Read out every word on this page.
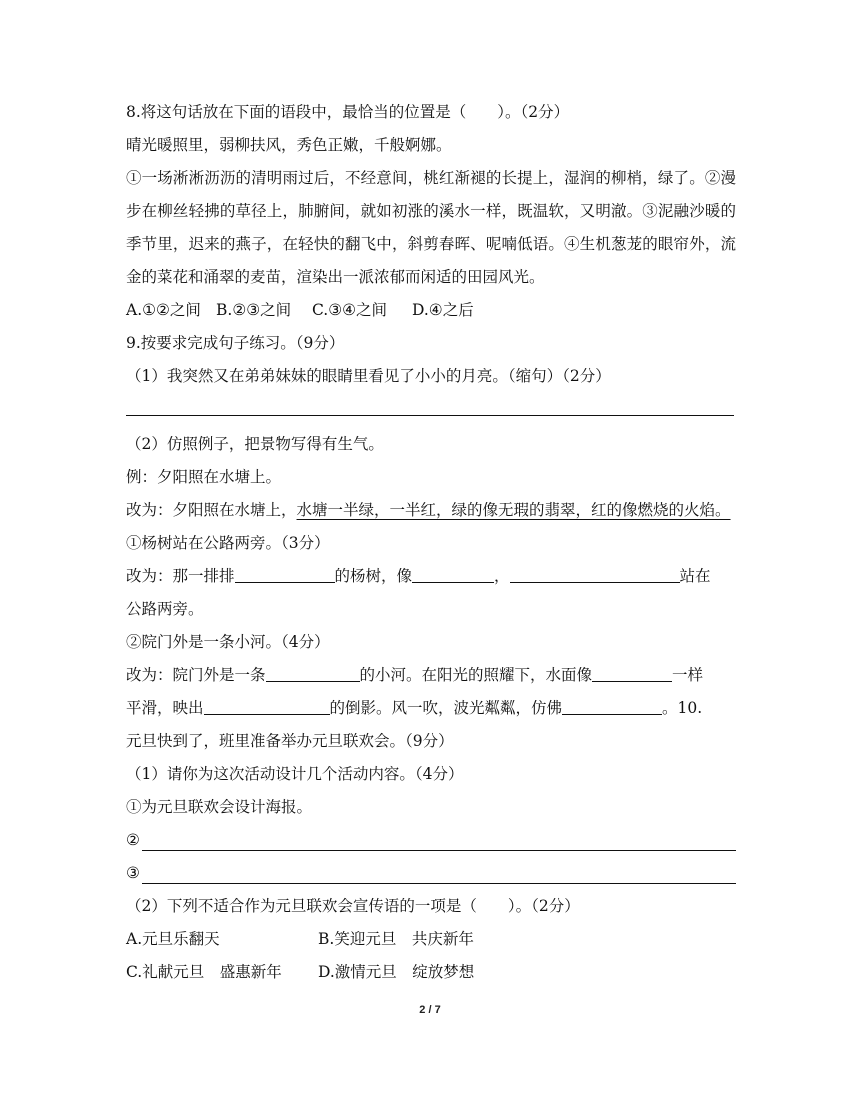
8.将这句话放在下面的语段中，最恰当的位置是（　　）。（2分）
晴光暖照里，弱柳扶风，秀色正嫩，千般婀娜。
①一场淅淅沥沥的清明雨过后，不经意间，桃红渐褪的长提上，湿润的柳梢，绿了。②漫步在柳丝轻拂的草径上，肺腑间，就如初涨的溪水一样，既温软，又明澈。③泥融沙暖的季节里，迟来的燕子，在轻快的翻飞中，斜剪春晖、呢喃低语。④生机葱茏的眼帘外，流金的菜花和涌翠的麦苗，渲染出一派浓郁而闲适的田园风光。
A.①②之间 B.②③之间	C.③④之间	D.④之后
9.按要求完成句子练习。（9分）
（1）我突然又在弟弟妹妹的眼睛里看见了小小的月亮。（缩句）（2分）
（2）仿照例子，把景物写得有生气。
例：夕阳照在水塘上。
改为：夕阳照在水塘上，水塘一半绿，一半红，绿的像无瑕的翡翠，红的像燃烧的火焰。
①杨树站在公路两旁。（3分）
改为：那一排排	的杨树，像	，	站在
公路两旁。
②院门外是一条小河。（4分）
改为：院门外是一条	的小河。在阳光的照耀下，水面像	一样
平滑，映出	的倒影。风一吹，波光粼粼，仿佛	。10.
元旦快到了，班里准备举办元旦联欢会。（9分）
（1）请你为这次活动设计几个活动内容。（4分）
①为元旦联欢会设计海报。
②
③
（2）下列不适合作为元旦联欢会宣传语的一项是（　　）。（2分）
A.元旦乐翻天	B.笑迎元旦　共庆新年
C.礼献元旦　盛惠新年	D.激情元旦　绽放梦想
2 / 7
